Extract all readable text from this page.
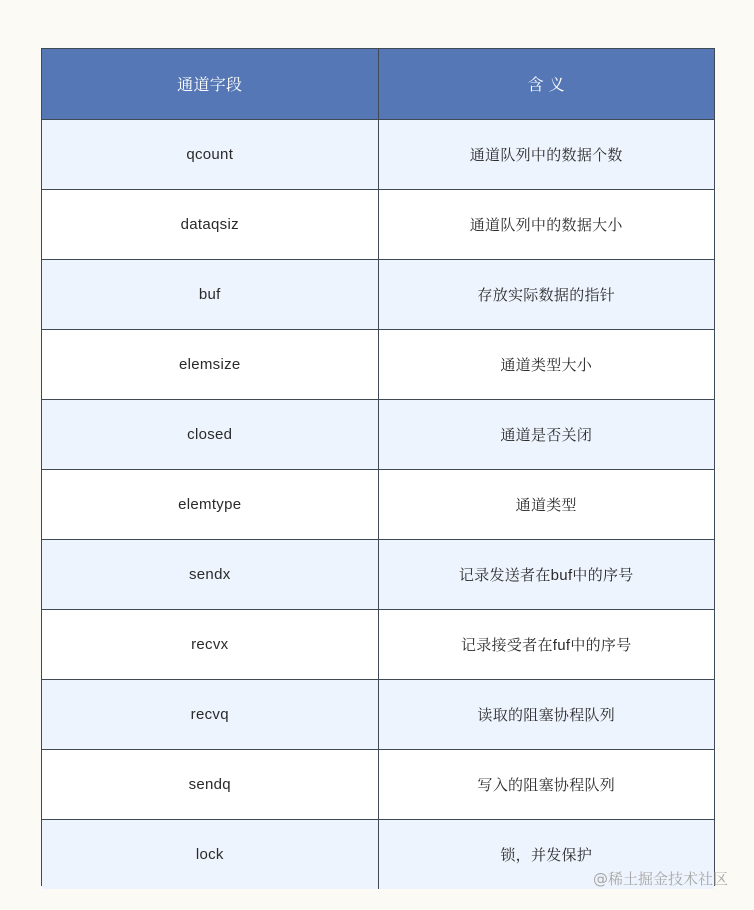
通道字段	含 义
qcount	通道队列中的数据个数
dataqsiz	通道队列中的数据大小
buf	存放实际数据的指针
elemsize	通道类型大小
closed	通道是否关闭
elemtype	通道类型
sendx	记录发送者在buf中的序号
recvx	记录接受者在fuf中的序号
recvq	读取的阻塞协程队列
sendq	写入的阻塞协程队列
lock	锁，并发保护
@稀土掘金技术社区
